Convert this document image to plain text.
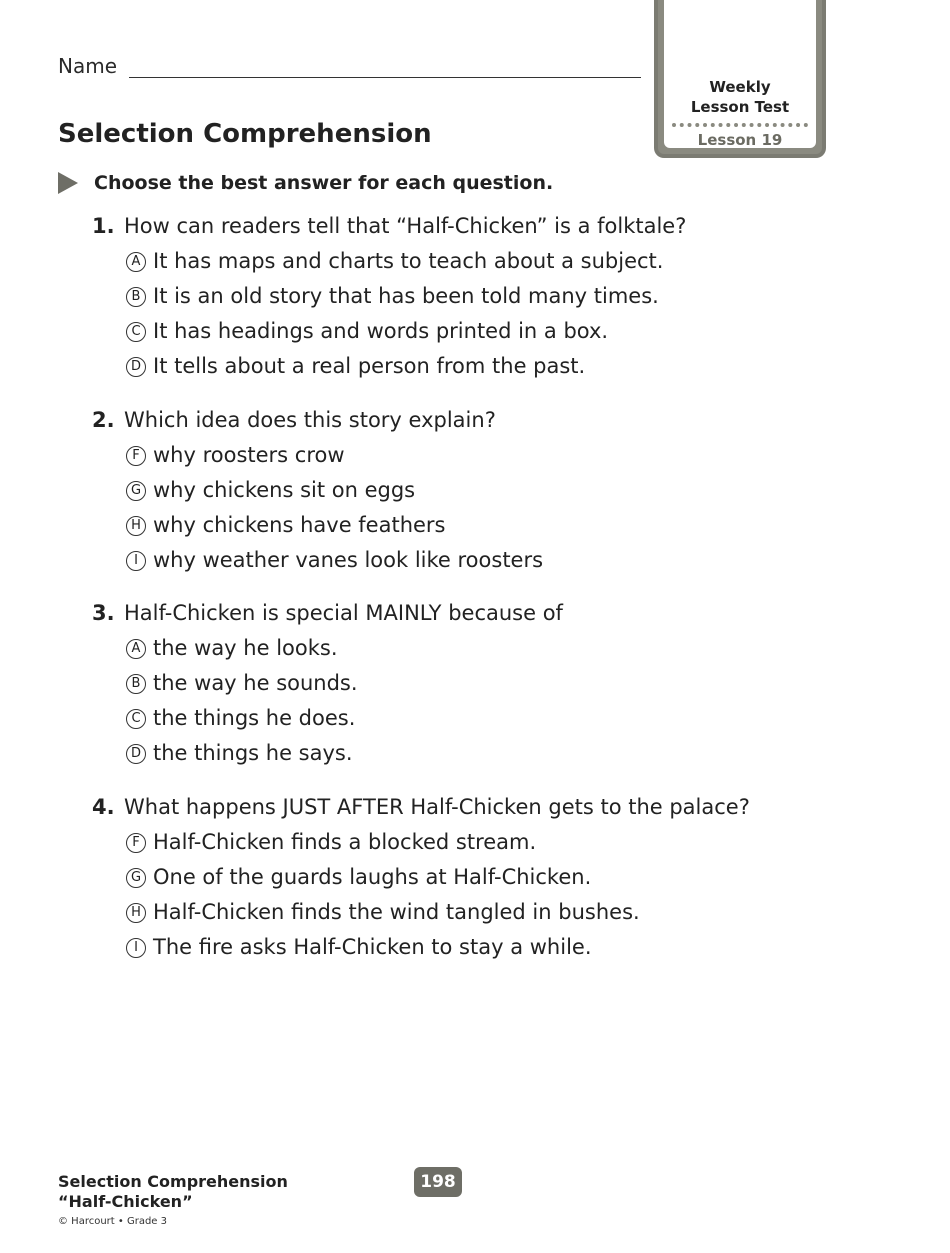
Name
Weekly
Lesson Test
Lesson 19
Selection Comprehension
Choose the best answer for each question.
1. How can readers tell that “Half-Chicken” is a folktale?
A It has maps and charts to teach about a subject.
B It is an old story that has been told many times.
C It has headings and words printed in a box.
D It tells about a real person from the past.
2. Which idea does this story explain?
F why roosters crow
G why chickens sit on eggs
H why chickens have feathers
I why weather vanes look like roosters
3. Half-Chicken is special MAINLY because of
A the way he looks.
B the way he sounds.
C the things he does.
D the things he says.
4. What happens JUST AFTER Half-Chicken gets to the palace?
F Half-Chicken finds a blocked stream.
G One of the guards laughs at Half-Chicken.
H Half-Chicken finds the wind tangled in bushes.
I The fire asks Half-Chicken to stay a while.
Selection Comprehension
“Half-Chicken”
© Harcourt • Grade 3
198
